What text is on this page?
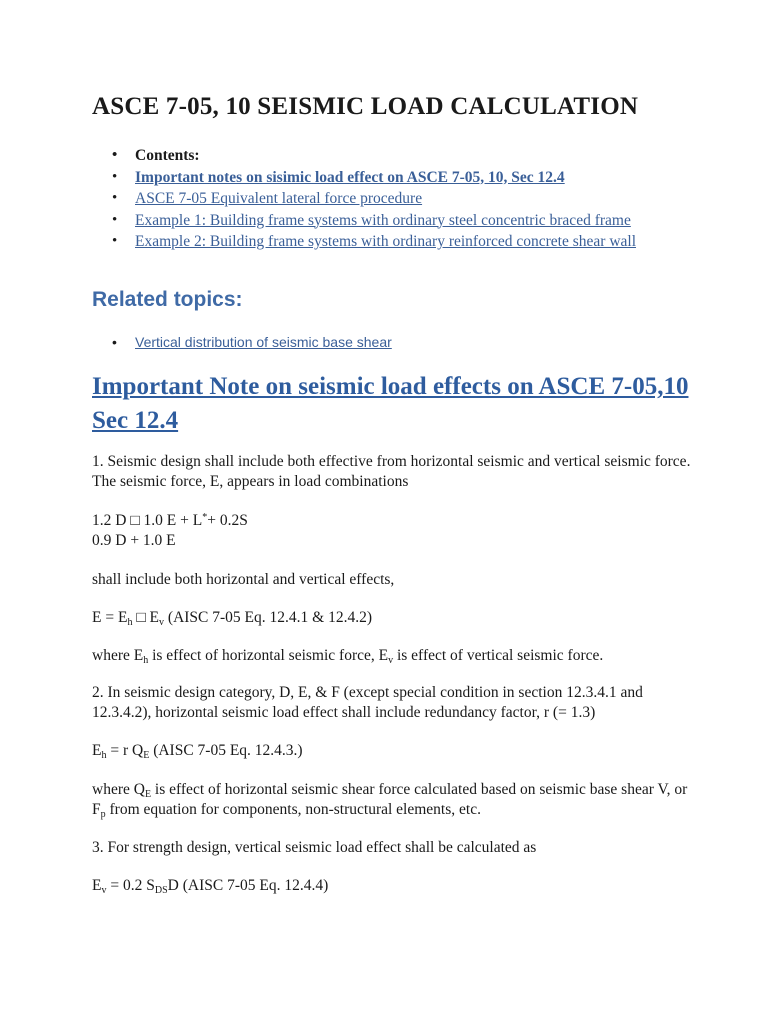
ASCE 7-05, 10 SEISMIC LOAD CALCULATION
• Contents:
• Important notes on sisimic load effect on ASCE 7-05, 10, Sec 12.4
• ASCE 7-05 Equivalent lateral force procedure
• Example 1: Building frame systems with ordinary steel concentric braced frame
• Example 2: Building frame systems with ordinary reinforced concrete shear wall
Related topics:
• Vertical distribution of seismic base shear
Important Note on seismic load effects on ASCE 7-05,10 Sec 12.4

1. Seismic design shall include both effective from horizontal seismic and vertical seismic force. The seismic force, E, appears in load combinations

1.2 D □ 1.0 E + L*+ 0.2S
0.9 D + 1.0 E

shall include both horizontal and vertical effects,

$E = E_h$ □ $E_v$ (AISC 7-05 Eq. 12.4.1 & 12.4.2)

where $E_h$ is effect of horizontal seismic force, $E_v$ is effect of vertical seismic force.

2. In seismic design category, D, E, & F (except special condition in section 12.3.4.1 and 12.3.4.2), horizontal seismic load effect shall include redundancy factor, r (= 1.3)

$E_h = r$ $Q_E$ (AISC 7-05 Eq. 12.4.3.)

where $Q_E$ is effect of horizontal seismic shear force calculated based on seismic base shear V, or $F_p$ from equation for components, non-structural elements, etc.

3. For strength design, vertical seismic load effect shall be calculated as

$E_v = 0.2$ $S_{DS}D$ (AISC 7-05 Eq. 12.4.4)
